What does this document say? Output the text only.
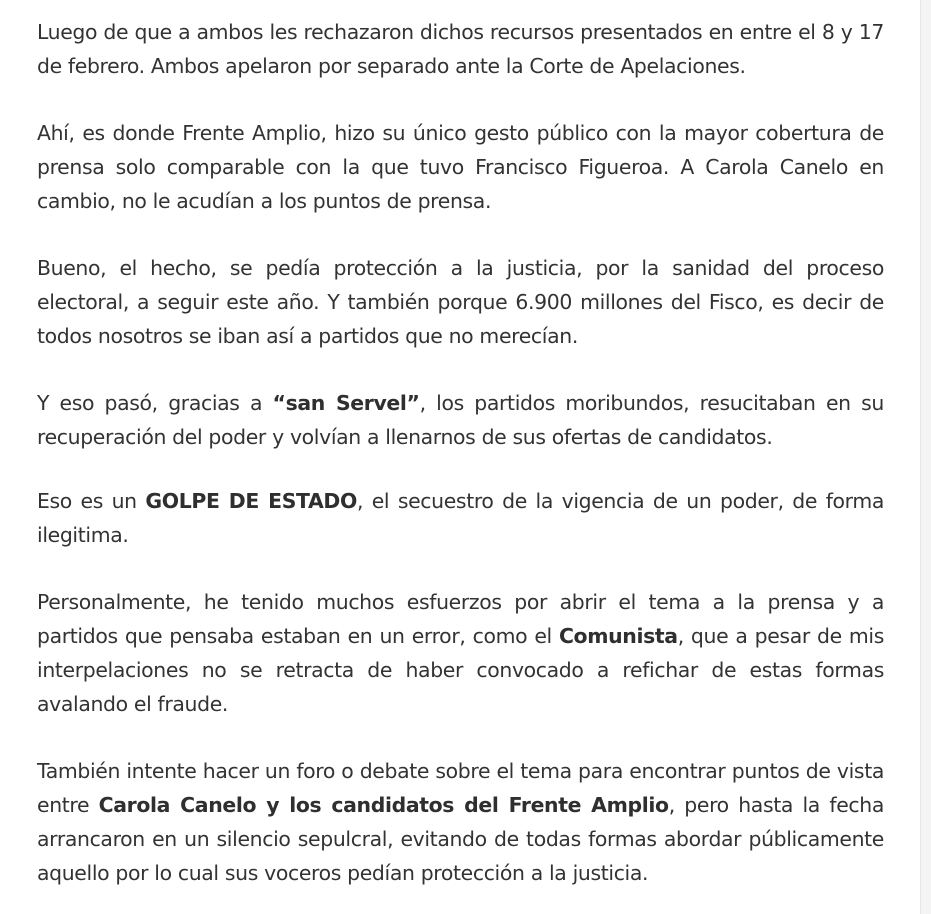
Luego de que a ambos les rechazaron dichos recursos presentados en entre el 8 y 17 de febrero. Ambos apelaron por separado ante la Corte de Apelaciones.

Ahí, es donde Frente Amplio, hizo su único gesto público con la mayor cobertura de prensa solo comparable con la que tuvo Francisco Figueroa. A Carola Canelo en cambio, no le acudían a los puntos de prensa.

Bueno, el hecho, se pedía protección a la justicia, por la sanidad del proceso electoral, a seguir este año. Y también porque 6.900 millones del Fisco, es decir de todos nosotros se iban así a partidos que no merecían.

Y eso pasó, gracias a “san Servel”, los partidos moribundos, resucitaban en su recuperación del poder y volvían a llenarnos de sus ofertas de candidatos.

Eso es un GOLPE DE ESTADO, el secuestro de la vigencia de un poder, de forma ilegitima.

Personalmente, he tenido muchos esfuerzos por abrir el tema a la prensa y a partidos que pensaba estaban en un error, como el Comunista, que a pesar de mis interpelaciones no se retracta de haber convocado a refichar de estas formas avalando el fraude.

También intente hacer un foro o debate sobre el tema para encontrar puntos de vista entre Carola Canelo y los candidatos del Frente Amplio, pero hasta la fecha arrancaron en un silencio sepulcral, evitando de todas formas abordar públicamente aquello por lo cual sus voceros pedían protección a la justicia.
